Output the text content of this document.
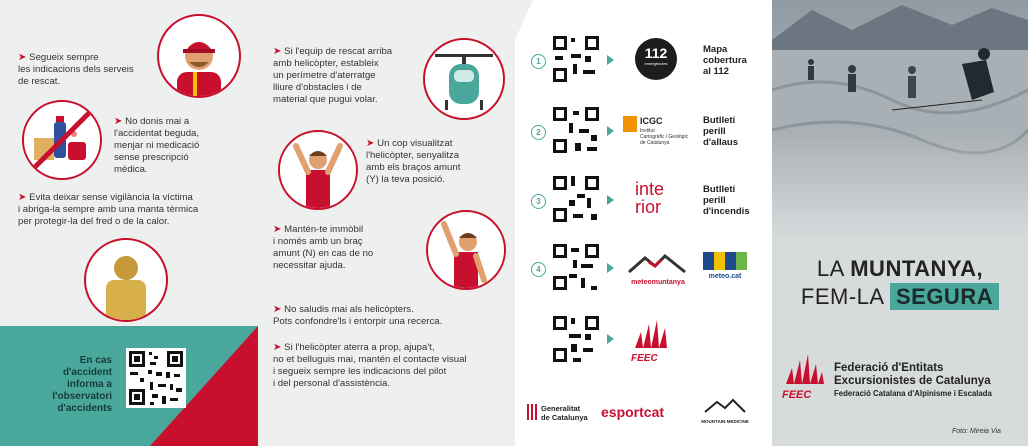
➤ Segueix sempre
les indicacions dels serveis
de rescat.
➤ No donis mai a
l'accidentat beguda,
menjar ni medicació
sense prescripció
mèdica.
➤ Evita deixar sense vigilància la víctima
i abriga-la sempre amb una manta tèrmica
per protegir-la del fred o de la calor.
En cas
d'accident
informa a
l'observatori
d'accidents
➤ Si l'equip de rescat arriba
amb helicòpter, estableix
un perímetre d'aterratge
lliure d'obstacles i de
material que pugui volar.
➤ Un cop visualitzat
l'helicòpter, senyalitza
amb els braços amunt
(Y) la teva posició.
➤ Mantén-te immòbil
i només amb un braç
amunt (N) en cas de no
necessitar ajuda.
➤ No saludis mai als helicòpters.
Pots confondre'ls i entorpir una recerca.
➤ Si l'helicòpter aterra a prop, ajupa't,
no et belluguis mai, mantén el contacte visual
i segueix sempre les indicacions del pilot
i del personal d'assistència.
1
112
emergències
Mapa
cobertura
al 112
2
ICGC
Institut
Cartogràfic i Geològic
de Catalunya
Butlletí
perill
d'allaus
3
inte
rior
Butlletí
perill
d'incendis
4
meteomuntanya
meteo.cat
FEEC
Generalitat
de Catalunya esportcat
MOUNTAIN·MEDICINE
LA MUNTANYA,
FEM-LA SEGURA
FEEC
Federació d'Entitats
Excursionistes de Catalunya
Federació Catalana d'Alpinisme i Escalada
Foto: Mireia Via
